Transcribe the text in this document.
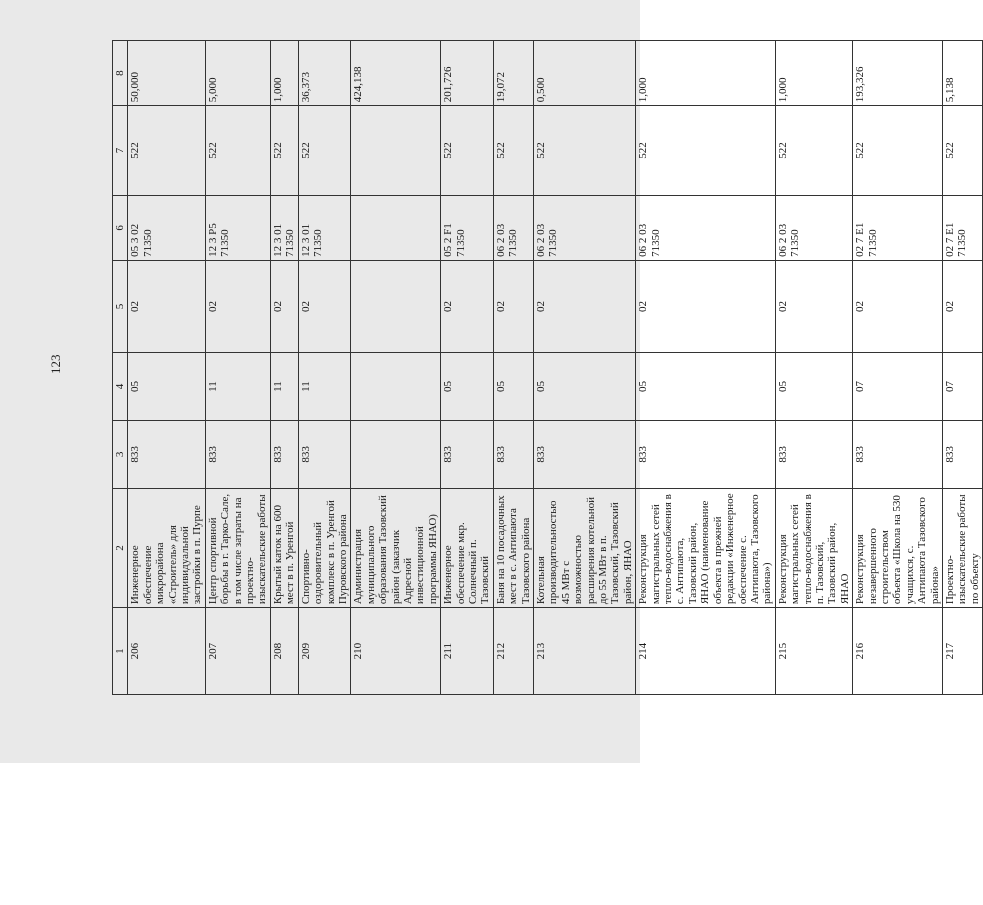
123
1	2	3	4	5	6	7	8
206	Инженерное обеспечение микрорайона «Строитель» для индивидуальной застройки в п. Пурпе	833	05	02	05 3 02 71350	522	50,000
207	Центр спортивной борьбы в г. Тарко-Сале, в том числе затраты на проектно-изыскательские работы	833	11	02	12 3 Р5 71350	522	5,000
208	Крытый каток на 600 мест в п. Уренгой	833	11	02	12 3 01 71350	522	1,000
209	Спортивно-оздоровительный комплекс в п. Уренгой Пуровского района	833	11	02	12 3 01 71350	522	36,373
210	Администрация муниципального образования Тазовский район (заказчик Адресной инвестиционной программы ЯНАО)						424,138
211	Инженерное обеспечение мкр. Солнечный п. Тазовский	833	05	02	05 2 F1 71350	522	201,726
212	Баня на 10 посадочных мест в с. Антипаюта Тазовского района	833	05	02	06 2 03 71350	522	19,072
213	Котельная производительностью 45 МВт с возможностью расширения котельной до 55 МВт в п. Тазовский, Тазовский район, ЯНАО	833	05	02	06 2 03 71350	522	0,500
214	Реконструкция магистральных сетей тепло-водоснабжения в с. Антипаюта, Тазовский район, ЯНАО (наименование объекта в прежней редакции «Инженерное обеспечение с. Антипаюта, Тазовского района»)	833	05	02	06 2 03 71350	522	1,000
215	Реконструкция магистральных сетей тепло-водоснабжения в п. Тазовский, Тазовский район, ЯНАО	833	05	02	06 2 03 71350	522	1,000
216	Реконструкция незавершенного строительством объекта «Школа на 530 учащихся, с. Антипаюта Тазовского района»	833	07	02	02 7 E1 71350	522	193,326
217	Проектно-изыскательские работы по объекту	833	07	02	02 7 E1 71350	522	5,138
